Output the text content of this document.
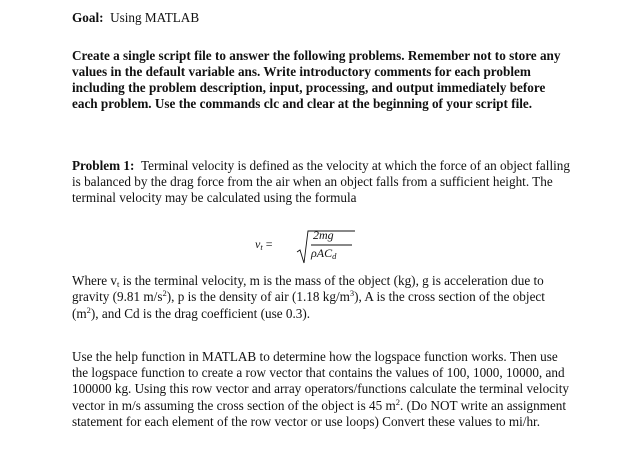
Goal: Using MATLAB
Create a single script file to answer the following problems. Remember not to store any values in the default variable ans. Write introductory comments for each problem including the problem description, input, processing, and output immediately before each problem. Use the commands clc and clear at the beginning of your script file.
Problem 1: Terminal velocity is defined as the velocity at which the force of an object falling is balanced by the drag force from the air when an object falls from a sufficient height. The terminal velocity may be calculated using the formula
$v_t$ =
2mg
ρAC$_d$
Where $v_t$ is the terminal velocity, m is the mass of the object (kg), g is acceleration due to gravity (9.81 $m/s^2$), p is the density of air (1.18 $kg/m^3$), A is the cross section of the object $(m^2)$, and Cd is the drag coefficient (use 0.3).
Use the help function in MATLAB to determine how the logspace function works. Then use the logspace function to create a row vector that contains the values of 100, 1000, 10000, and 100000 kg. Using this row vector and array operators/functions calculate the terminal velocity vector in m/s assuming the cross section of the object is 45 $m^2$. (Do NOT write an assignment statement for each element of the row vector or use loops) Convert these values to mi/hr.
